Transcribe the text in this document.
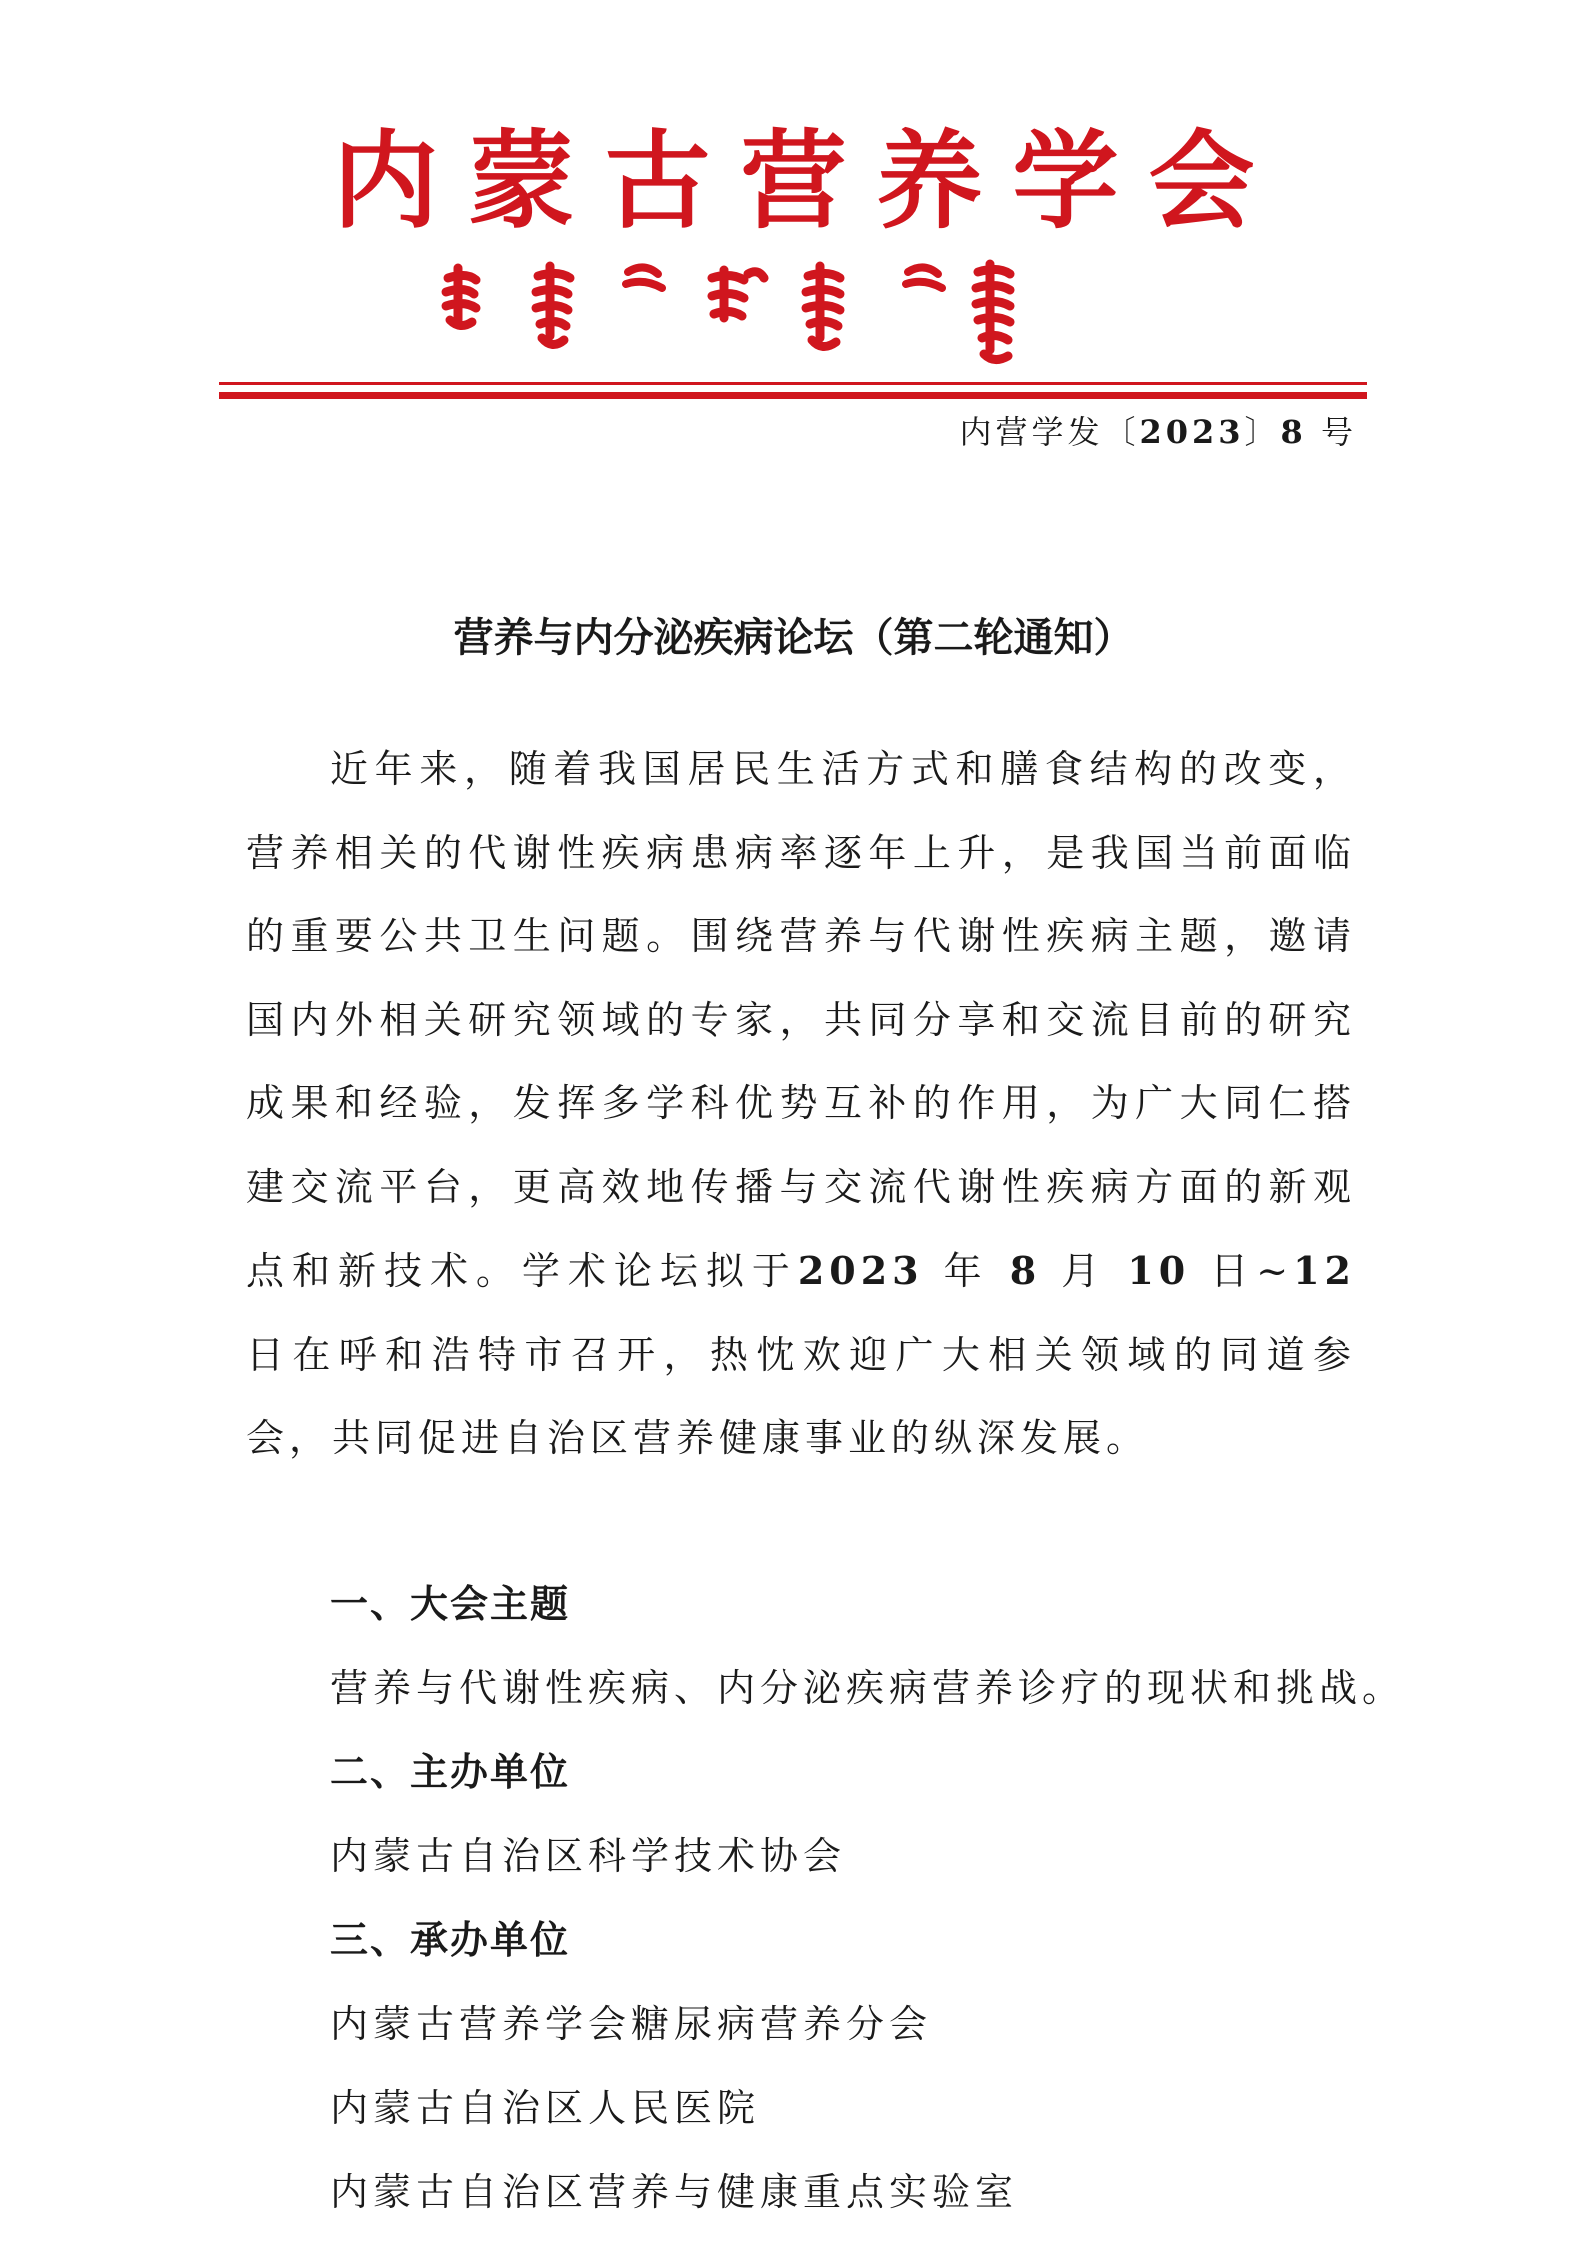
内蒙古营养学会
内营学发〔2023〕8 号
营养与内分泌疾病论坛（第二轮通知）

近年来，随着我国居民生活方式和膳食结构的改变，营养相关的代谢性疾病患病率逐年上升，是我国当前面临的重要公共卫生问题。围绕营养与代谢性疾病主题，邀请国内外相关研究领域的专家，共同分享和交流目前的研究成果和经验，发挥多学科优势互补的作用，为广大同仁搭建交流平台，更高效地传播与交流代谢性疾病方面的新观点和新技术。学术论坛拟于2023 年 8 月 10 日~12 日在呼和浩特市召开，热忱欢迎广大相关领域的同道参会，共同促进自治区营养健康事业的纵深发展。

一、大会主题
营养与代谢性疾病、内分泌疾病营养诊疗的现状和挑战。
二、主办单位
内蒙古自治区科学技术协会
三、承办单位
内蒙古营养学会糖尿病营养分会
内蒙古自治区人民医院
内蒙古自治区营养与健康重点实验室
